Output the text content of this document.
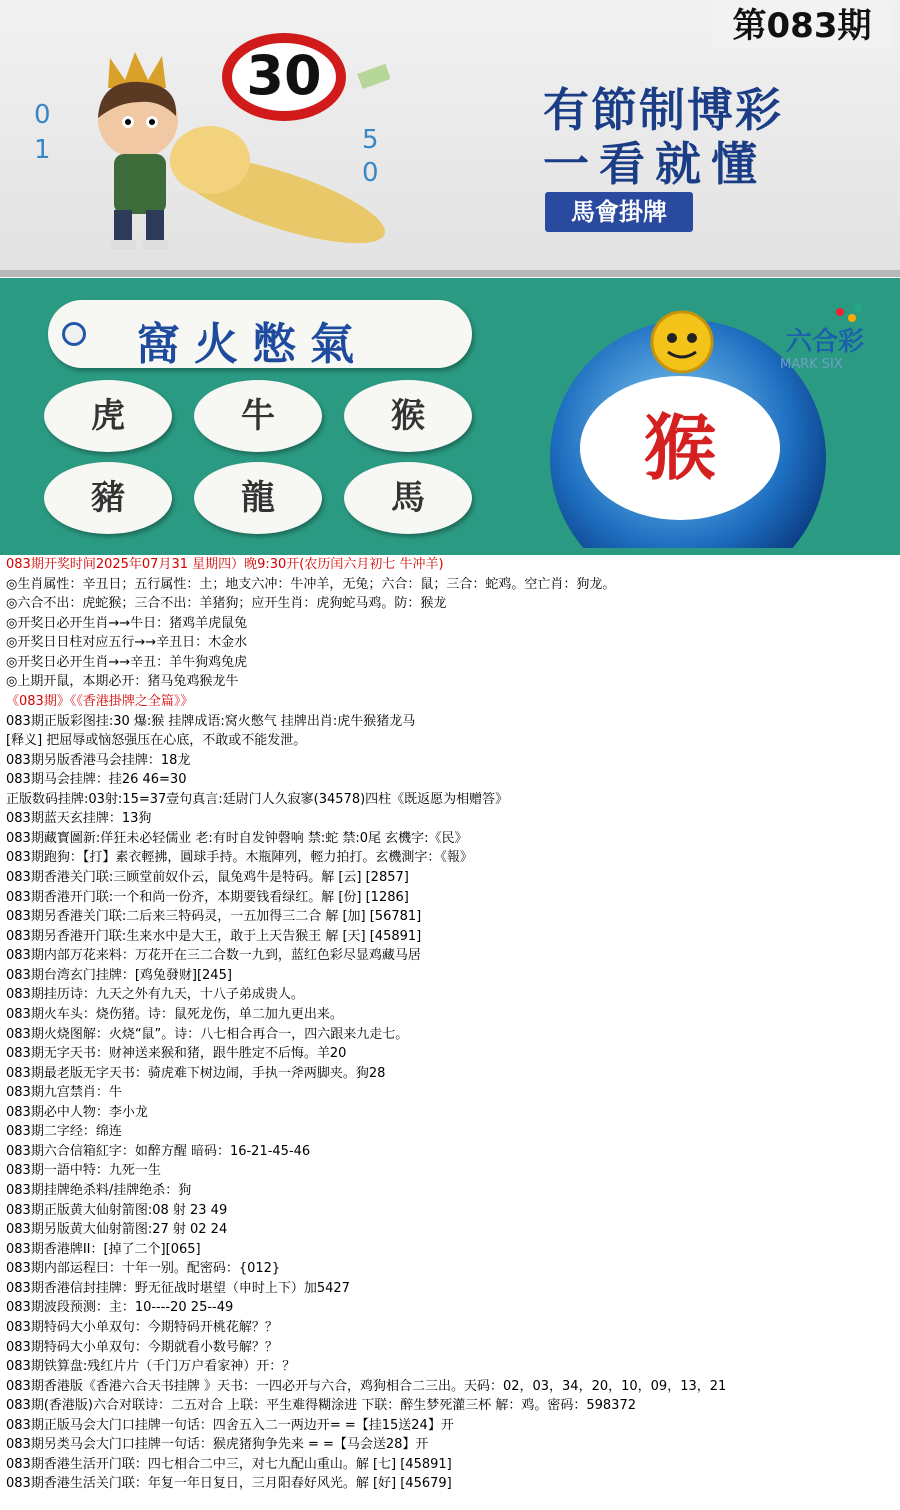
第083期
30
0
1	5
0
有節制博彩
一看就懂
馬會掛牌
窩火憋氣
虎	牛	猴
豬	龍	馬
猴
六合彩
MARK SIX
083期开奖时间2025年07月31 星期四）晚9:30开(农历闰六月初七 牛冲羊)
◎生肖属性：辛丑日；五行属性：土；地支六冲：牛冲羊，无兔；六合：鼠；三合：蛇鸡。空亡肖：狗龙。
◎六合不出：虎蛇猴；三合不出：羊猪狗；应开生肖：虎狗蛇马鸡。防：猴龙
◎开奖日必开生肖→→牛日：猪鸡羊虎鼠兔
◎开奖日日柱对应五行→→辛丑日：木金水
◎开奖日必开生肖→→辛丑：羊牛狗鸡兔虎
◎上期开鼠，本期必开：猪马兔鸡猴龙牛
《083期》《《香港掛牌之全篇》》
083期正版彩图挂:30 爆:猴 挂牌成语:窝火憋气 挂牌出肖:虎牛猴猪龙马
[释义] 把屈辱或恼怒强压在心底，不敢或不能发泄。
083期另版香港马会挂牌：18龙
083期马会挂牌：挂26 46=30
正版数码挂牌:03射:15=37壹句真言:廷尉门人久寂寥(34578)四柱《既返愿为相赠答》
083期蓝天玄挂牌：13狗
083期藏寳圖新:佯狂未必轻儒业 老:有时自发钟磬响 禁:蛇 禁:0尾 玄機字:《民》
083期跑狗：【打】素衣輕拂，圓球手持。木瓶陣列，輕力拍打。玄機測字：《報》
083期香港关门联:三顾堂前奴仆云，鼠兔鸡牛是特码。解 [云] [2857]
083期香港开门联:一个和尚一份齐，本期要钱看绿红。解 [份] [1286]
083期另香港关门联:二后来三特码灵，一五加得三二合 解 [加] [56781]
083期另香港开门联:生来水中是大王，敢于上天告猴王 解 [天] [45891]
083期内部万花来料：万花开在三二合数一九到，蓝红色彩尽显鸡藏马居
083期台湾玄门挂牌：[鸡兔發财][245]
083期挂历诗：九天之外有九天，十八子弟成贵人。
083期火车头：烧伤猪。诗：鼠死龙伤，单二加九更出来。
083期火烧图解：火烧“鼠”。诗：八七相合再合一，四六跟来九走七。
083期无字天书：财神送来猴和猪，跟牛胜定不后悔。羊20
083期最老版无字天书：骑虎难下树边闹，手执一斧两脚夹。狗28
083期九宫禁肖：牛
083期必中人物：李小龙
083期二字经：绵连
083期六合信箱紅字：如醉方醒 暗码：16-21-45-46
083期一語中特：九死一生
083期挂牌绝杀料/挂牌绝杀：狗
083期正版黄大仙射箭图:08 射 23 49
083期另版黄大仙射箭图:27 射 02 24
083期香港牌II：[掉了二个][065]
083期内部运程曰：十年一别。配密码：{012}
083期香港信封挂牌：野无征战时堪望（申时上下）加5427
083期波段预测：主：10----20 25--49
083期特码大小单双句：今期特码开桃花解？？
083期特码大小单双句：今期就看小数号解？？
083期铁算盘:残红片片（千门万户看家神）开：？
083期香港版《香港六合天书挂牌 》天书：一四必开与六合，鸡狗相合二三出。天码：02，03，34，20，10，09，13，21
083期(香港版)六合对联诗：二五对合 上联：平生难得糊涂进 下联：醉生梦死灌三杯 解：鸡。密码：598372
083期正版马会大门口挂牌一句话：四舍五入二一两边开= =【挂15送24】开
083期另类马会大门口挂牌一句话：猴虎猪狗争先来 = =【马会送28】开
083期香港生活开门联：四七相合二中三，对七九配山重山。解 [七] [45891]
083期香港生活关门联：年复一年日复日，三月阳春好风光。解 [好] [45679]
